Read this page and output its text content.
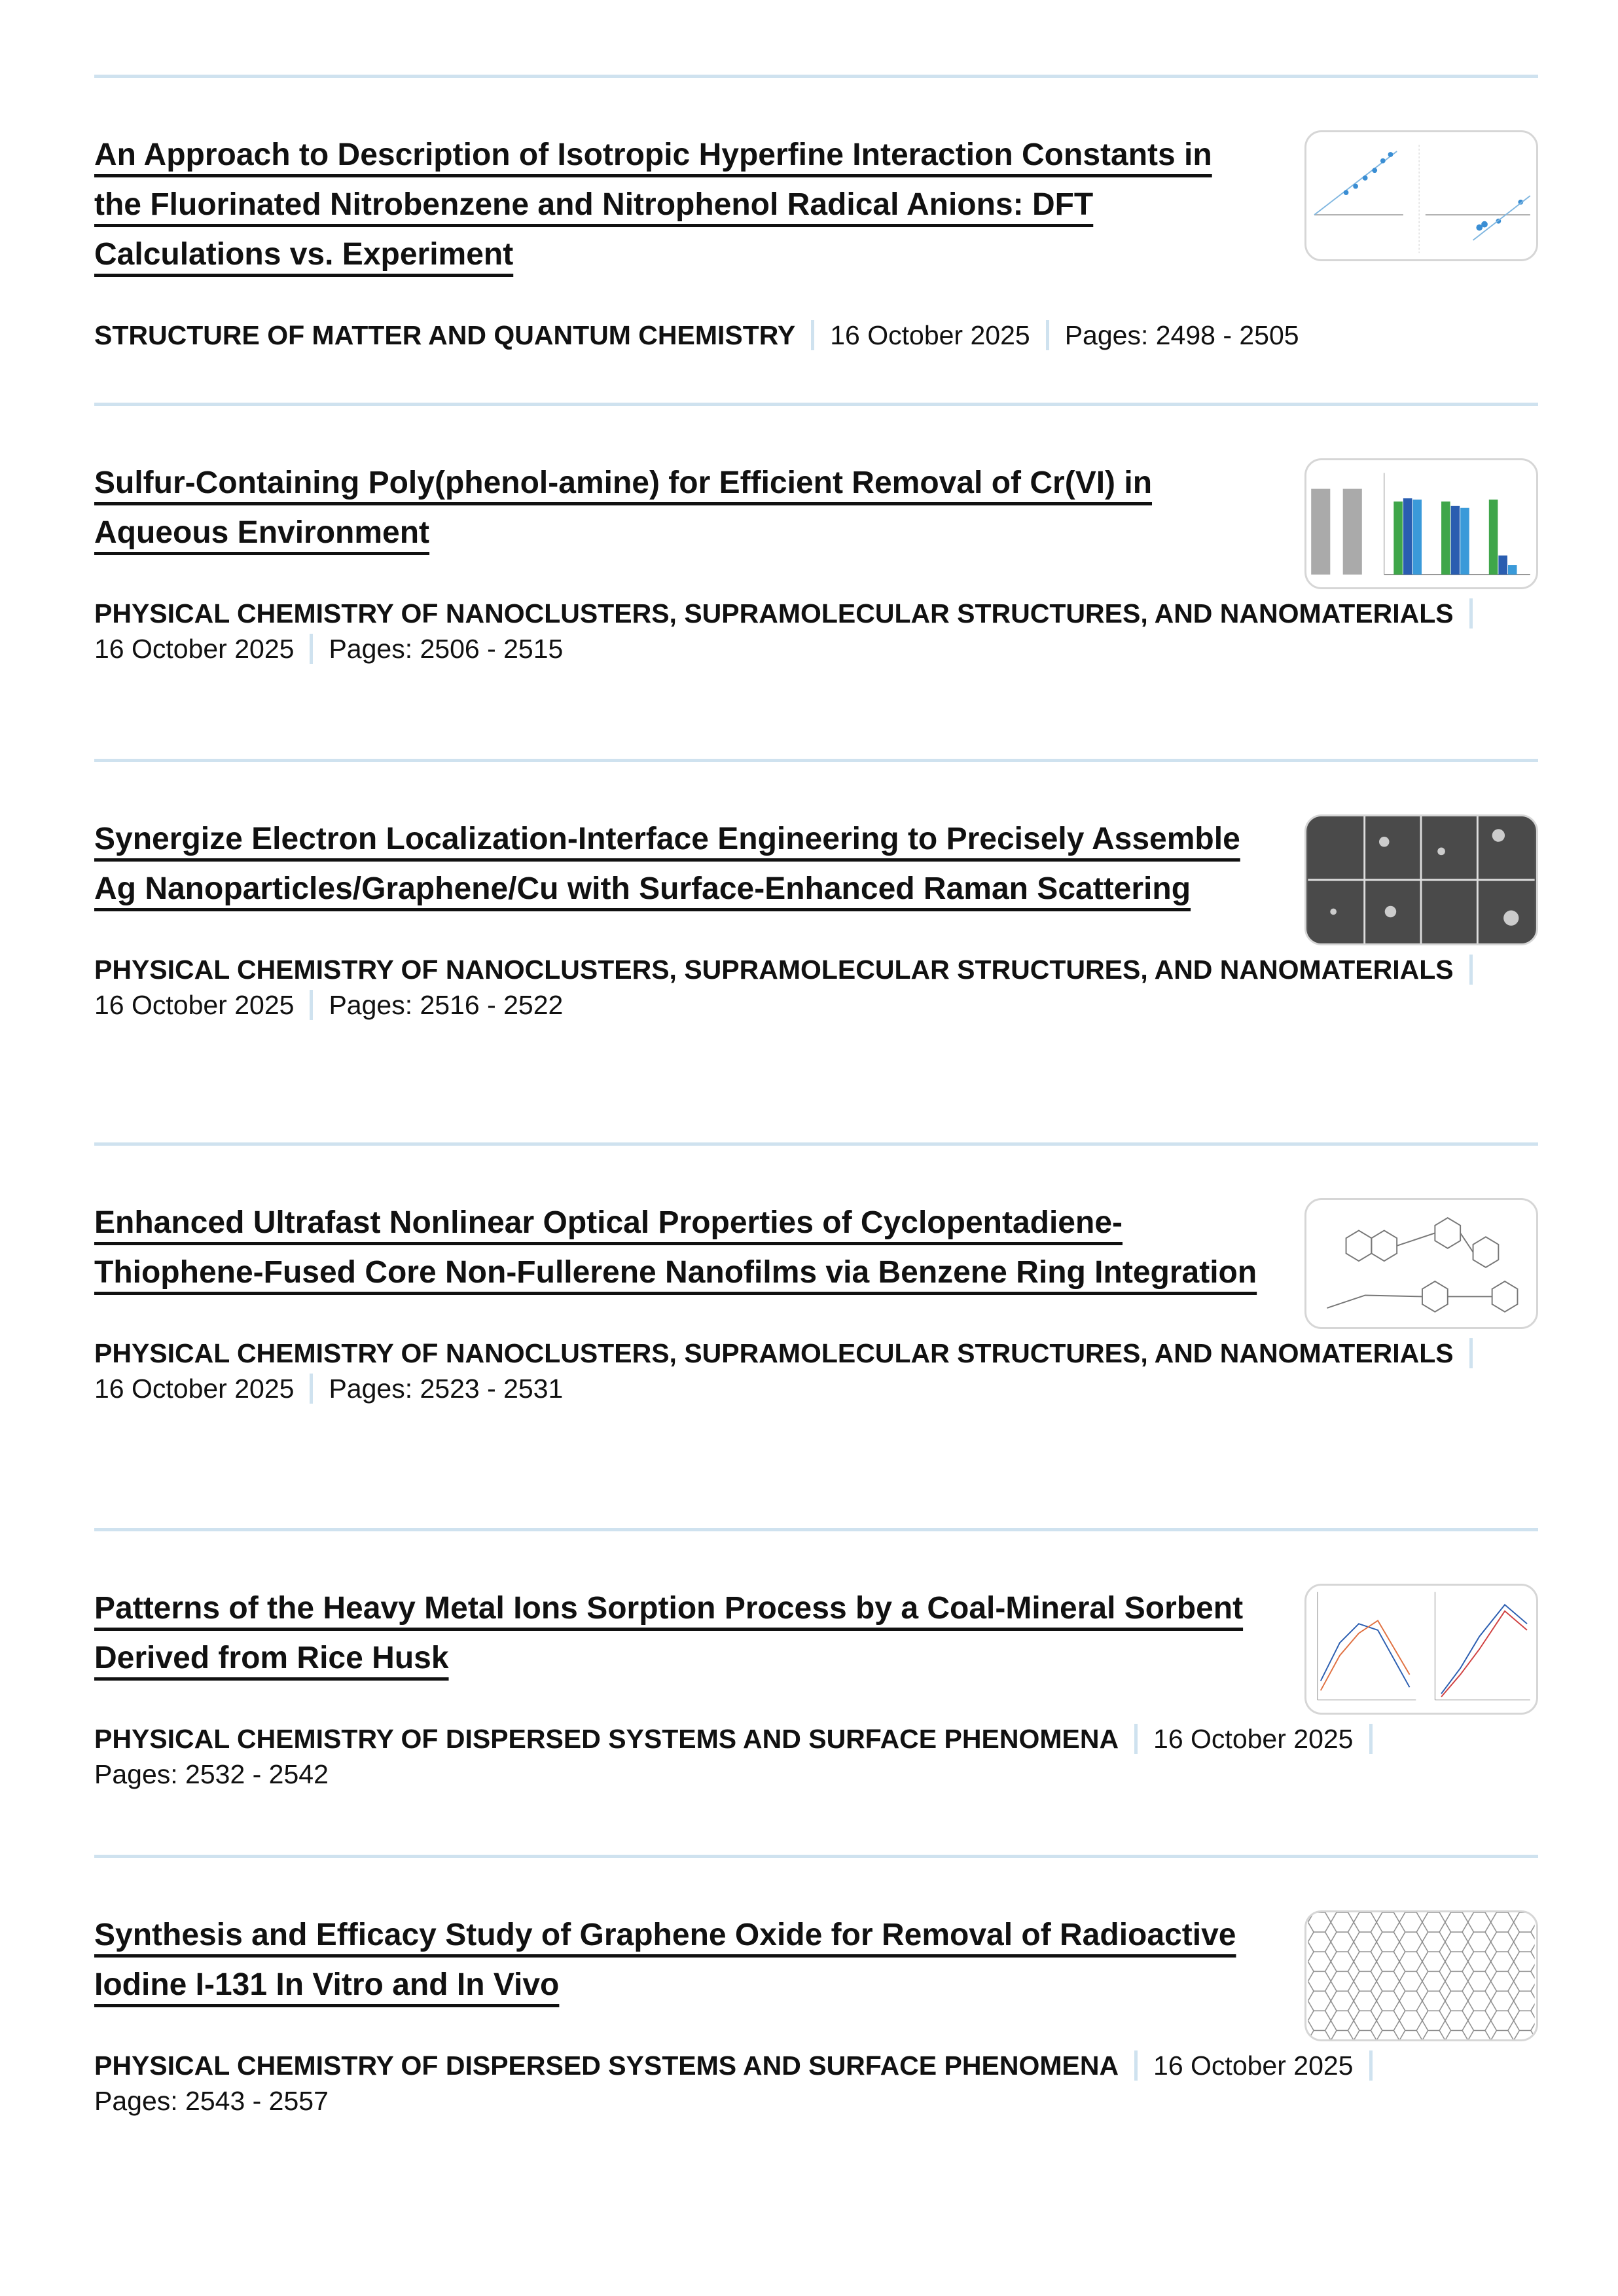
An Approach to Description of Isotropic Hyperfine Interaction Constants in the Fluorinated Nitrobenzene and Nitrophenol Radical Anions: DFT Calculations vs. Experiment
STRUCTURE OF MATTER AND QUANTUM CHEMISTRY	16 October 2025	Pages: 2498 - 2505
Sulfur-Containing Poly(phenol-amine) for Efficient Removal of Cr(VI) in Aqueous Environment
PHYSICAL CHEMISTRY OF NANOCLUSTERS, SUPRAMOLECULAR STRUCTURES, AND NANOMATERIALS
16 October 2025	Pages: 2506 - 2515
Synergize Electron Localization-Interface Engineering to Precisely Assemble Ag Nanoparticles/Graphene/Cu with Surface-Enhanced Raman Scattering
PHYSICAL CHEMISTRY OF NANOCLUSTERS, SUPRAMOLECULAR STRUCTURES, AND NANOMATERIALS
16 October 2025	Pages: 2516 - 2522
Enhanced Ultrafast Nonlinear Optical Properties of Cyclopentadiene-Thiophene-Fused Core Non-Fullerene Nanofilms via Benzene Ring Integration
PHYSICAL CHEMISTRY OF NANOCLUSTERS, SUPRAMOLECULAR STRUCTURES, AND NANOMATERIALS
16 October 2025	Pages: 2523 - 2531
Patterns of the Heavy Metal Ions Sorption Process by a Coal-Mineral Sorbent Derived from Rice Husk
PHYSICAL CHEMISTRY OF DISPERSED SYSTEMS AND SURFACE PHENOMENA	16 October 2025
Pages: 2532 - 2542
Synthesis and Efficacy Study of Graphene Oxide for Removal of Radioactive Iodine I-131 In Vitro and In Vivo
PHYSICAL CHEMISTRY OF DISPERSED SYSTEMS AND SURFACE PHENOMENA	16 October 2025
Pages: 2543 - 2557
